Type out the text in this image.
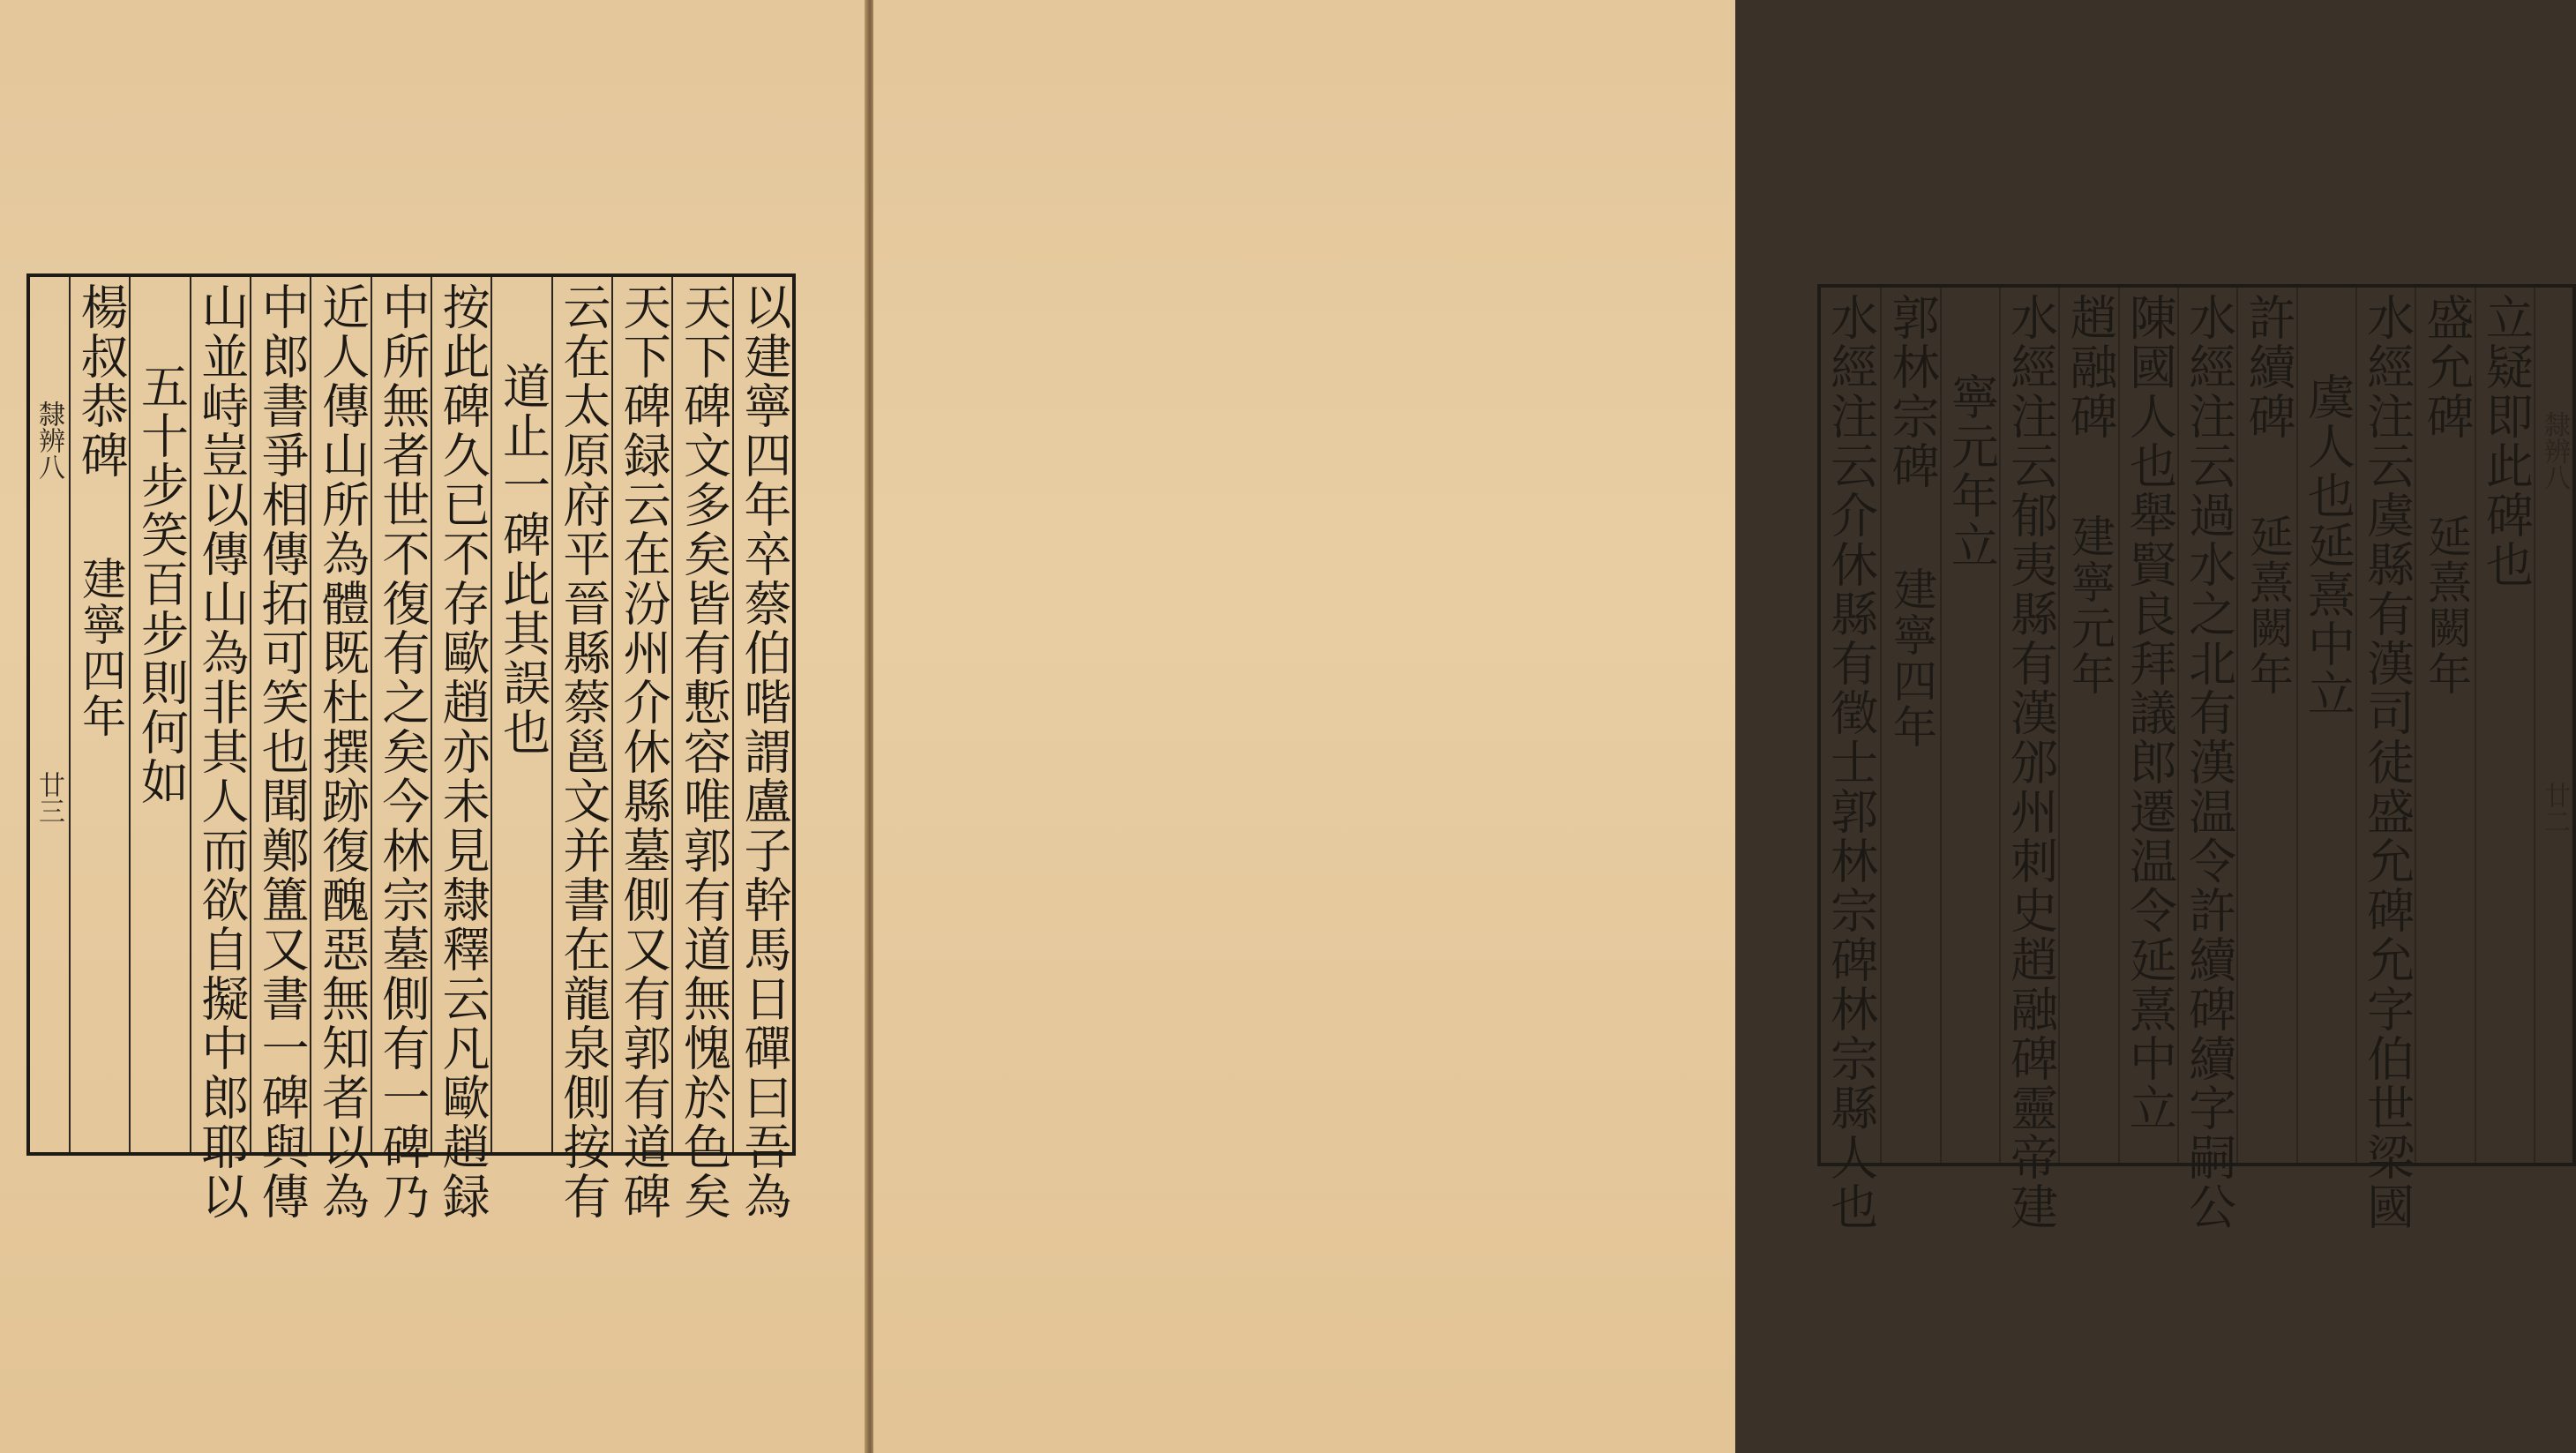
隸辨八
廿三	以建寧四年卒蔡伯喈謂盧子幹馬日磾曰吾為
天下碑文多矣皆有慙容唯郭有道無愧於色矣
天下碑録云在汾州介休縣墓側又有郭有道碑
云在太原府平晉縣蔡邕文并書在龍泉側按有
道止一碑此其誤也
按此碑久已不存歐趙亦未見隸釋云凡歐趙録
中所無者世不復有之矣今林宗墓側有一碑乃
近人傳山所為體既杜撰跡復醜惡無知者以為
中郎書爭相傳拓可笑也聞鄭簠又書一碑與傳
山並峙豈以傳山為非其人而欲自擬中郎耶以
五十步笑百步則何如
楊叔恭碑
建寧四年
隸辨八
廿二
立疑即此碑也
盛允碑
延熹闕年
水經注云虞縣有漢司徒盛允碑允字伯世梁國
虞人也延熹中立
許續碑
延熹闕年
水經注云過水之北有漢温令許續碑續字嗣公
陳國人也舉賢良拜議郎遷温令延熹中立
趙融碑
建寧元年
水經注云郁夷縣有漢邠州刺史趙融碑靈帝建
寧元年立
郭林宗碑
建寧四年
水經注云介休縣有徵士郭林宗碑林宗縣人也
